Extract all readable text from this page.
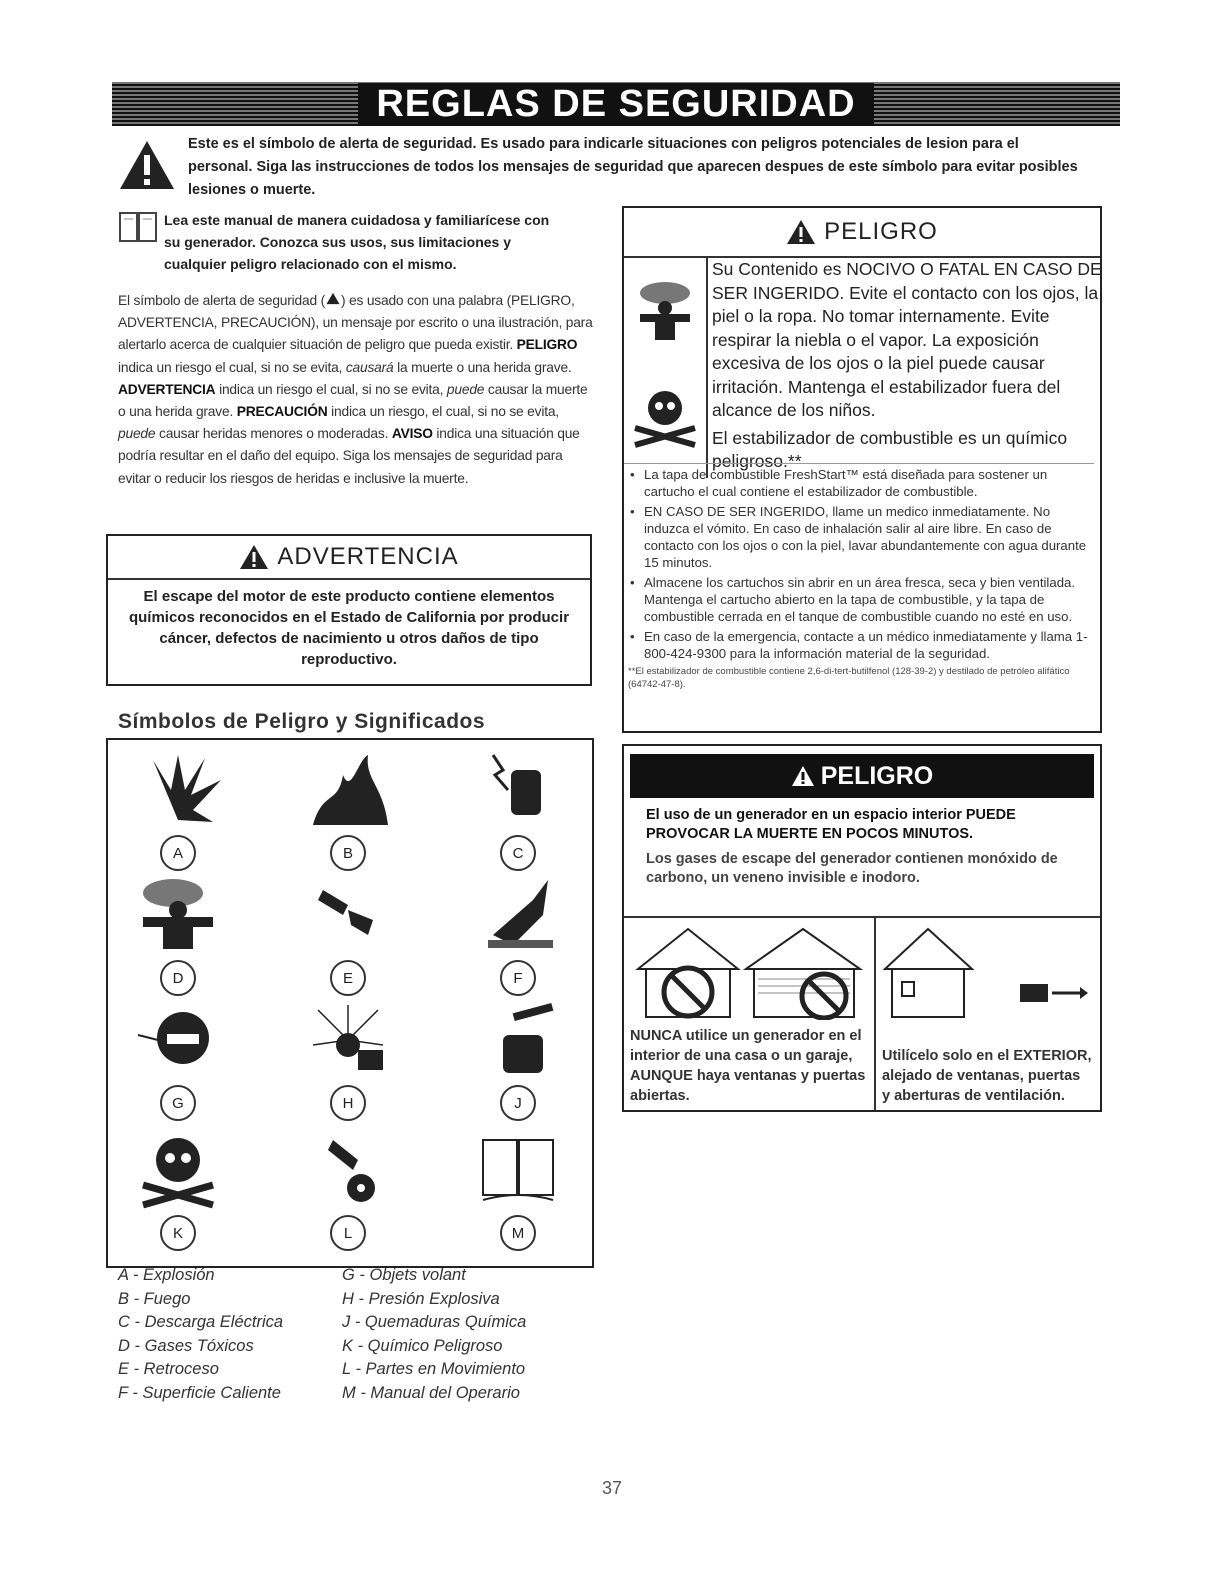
REGLAS DE SEGURIDAD

Este es el símbolo de alerta de seguridad. Es usado para indicarle situaciones con peligros potenciales de lesion para el

personal. Siga las instrucciones de todos los mensajes de seguridad que aparecen despues de este símbolo para evitar posibles

lesiones o muerte.

Lea este manual de manera cuidadosa y familiarícese con

su generador. Conozca sus usos, sus limitaciones y

cualquier peligro relacionado con el mismo.

El símbolo de alerta de seguridad ( ) es usado con una palabra (PELIGRO, ADVERTENCIA, PRECAUCIÓN), un mensaje por escrito o una ilustración, para alertarlo acerca de cualquier situación de peligro que pueda existir. PELIGRO indica un riesgo el cual, si no se evita, causará la muerte o una herida grave. ADVERTENCIA indica un riesgo el cual, si no se evita, puede causar la muerte o una herida grave. PRECAUCIÓN indica un riesgo, el cual, si no se evita, puede causar heridas menores o moderadas. AVISO indica una situación que podría resultar en el daño del equipo. Siga los mensajes de seguridad para evitar o reducir los riesgos de heridas e inclusive la muerte.
ADVERTENCIA
El escape del motor de este producto contiene elementos químicos reconocidos en el Estado de California por producir cáncer, defectos de nacimiento u otros daños de tipo reproductivo.
Símbolos de Peligro y Significados
A	B	C
D	E	F
G	H	J
K	L	M
A - Explosión
B - Fuego
C - Descarga Eléctrica
D - Gases Tóxicos
E - Retroceso
F - Superficie Caliente
G - Objets volant
H - Presión Explosiva
J - Quemaduras Química
K - Químico Peligroso
L - Partes en Movimiento
M - Manual del Operario
PELIGRO

Su Contenido es NOCIVO O FATAL EN CASO DE SER INGERIDO. Evite el contacto con los ojos, la piel o la ropa. No tomar internamente. Evite respirar la niebla o el vapor. La exposición excesiva de los ojos o la piel puede causar irritación. Mantenga el estabilizador fuera del alcance de los niños.

El estabilizador de combustible es un químico peligroso.**

• La tapa de combustible FreshStart™ está diseñada para sostener un cartucho el cual contiene el estabilizador de combustible.
• EN CASO DE SER INGERIDO, llame un medico inmediatamente. No induzca el vómito. En caso de inhalación salir al aire libre. En caso de contacto con los ojos o con la piel, lavar abundantemente con agua durante 15 minutos.
• Almacene los cartuchos sin abrir en un área fresca, seca y bien ventilada. Mantenga el cartucho abierto en la tapa de combustible, y la tapa de combustible cerrada en el tanque de combustible cuando no esté en uso.
• En caso de la emergencia, contacte a un médico inmediatamente y llama 1-800-424-9300 para la información material de la seguridad.
**El estabilizador de combustible contiene 2,6-di-tert-butilfenol (128-39-2) y destilado de petróleo alifático (64742-47-8).
PELIGRO
El uso de un generador en un espacio interior PUEDE PROVOCAR LA MUERTE EN POCOS MINUTOS.
Los gases de escape del generador contienen monóxido de carbono, un veneno invisible e inodoro.
NUNCA utilice un generador en el interior de una casa o un garaje, AUNQUE haya ventanas y puertas abiertas.
Utilícelo solo en el EXTERIOR, alejado de ventanas, puertas y aberturas de ventilación.
37
